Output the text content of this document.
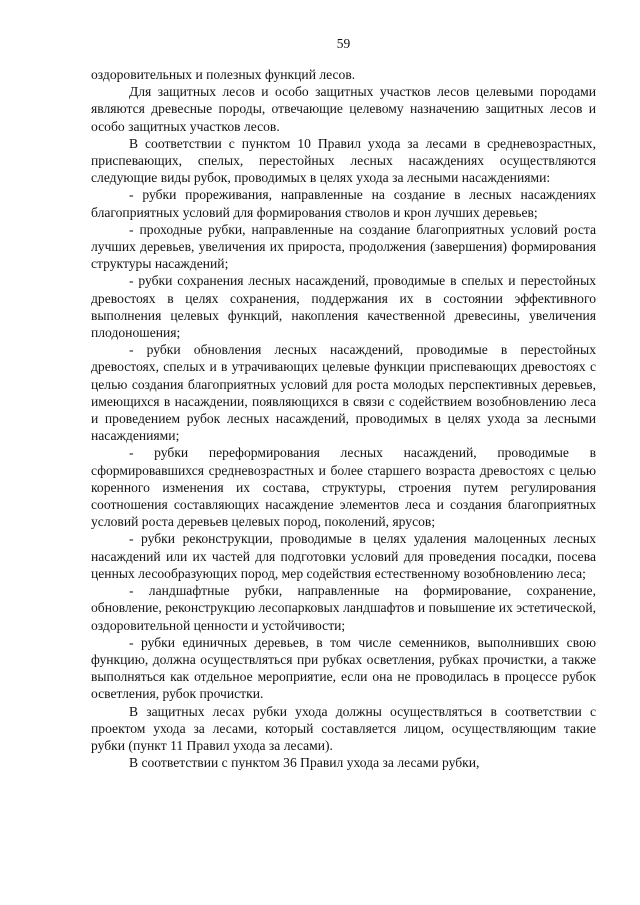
59

оздоровительных и полезных функций лесов.

Для защитных лесов и особо защитных участков лесов целевыми породами являются древесные породы, отвечающие целевому назначению защитных лесов и особо защитных участков лесов.

В соответствии с пунктом 10 Правил ухода за лесами в средневозрастных, приспевающих, спелых, перестойных лесных насаждениях осуществляются следующие виды рубок, проводимых в целях ухода за лесными насаждениями:

- рубки прореживания, направленные на создание в лесных насаждениях благоприятных условий для формирования стволов и крон лучших деревьев;

- проходные рубки, направленные на создание благоприятных условий роста лучших деревьев, увеличения их прироста, продолжения (завершения) формирования структуры насаждений;

- рубки сохранения лесных насаждений, проводимые в спелых и перестойных древостоях в целях сохранения, поддержания их в состоянии эффективного выполнения целевых функций, накопления качественной древесины, увеличения плодоношения;

- рубки обновления лесных насаждений, проводимые в перестойных древостоях, спелых и в утрачивающих целевые функции приспевающих древостоях с целью создания благоприятных условий для роста молодых перспективных деревьев, имеющихся в насаждении, появляющихся в связи с содействием возобновлению леса и проведением рубок лесных насаждений, проводимых в целях ухода за лесными насаждениями;

- рубки переформирования лесных насаждений, проводимые в сформировавшихся средневозрастных и более старшего возраста древостоях с целью коренного изменения их состава, структуры, строения путем регулирования соотношения составляющих насаждение элементов леса и создания благоприятных условий роста деревьев целевых пород, поколений, ярусов;

- рубки реконструкции, проводимые в целях удаления малоценных лесных насаждений или их частей для подготовки условий для проведения посадки, посева ценных лесообразующих пород, мер содействия естественному возобновлению леса;

- ландшафтные рубки, направленные на формирование, сохранение, обновление, реконструкцию лесопарковых ландшафтов и повышение их эстетической, оздоровительной ценности и устойчивости;

- рубки единичных деревьев, в том числе семенников, выполнивших свою функцию, должна осуществляться при рубках осветления, рубках прочистки, а также выполняться как отдельное мероприятие, если она не проводилась в процессе рубок осветления, рубок прочистки.

В защитных лесах рубки ухода должны осуществляться в соответствии с проектом ухода за лесами, который составляется лицом, осуществляющим такие рубки (пункт 11 Правил ухода за лесами).

В соответствии с пунктом 36 Правил ухода за лесами рубки,
